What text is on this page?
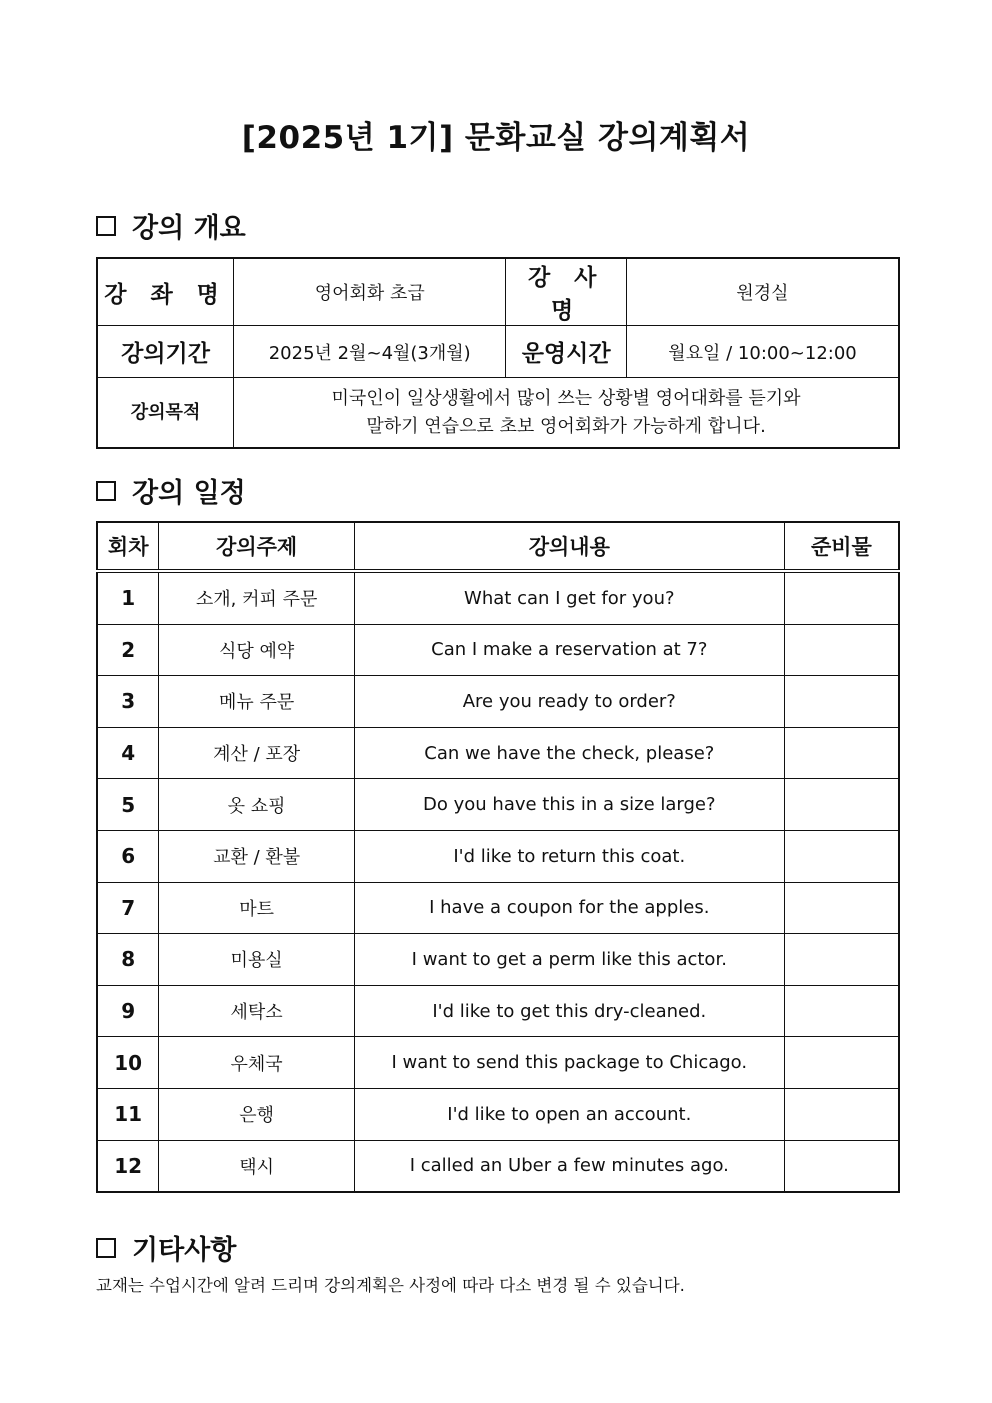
[2025년 1기] 문화교실 강의계획서
강의 개요
강 좌 명	영어회화 초급	강 사 명	원경실
강의기간	2025년 2월~4월(3개월)	운영시간	월요일 / 10:00~12:00
강의목적	미국인이 일상생활에서 많이 쓰는 상황별 영어대화를 듣기와
말하기 연습으로 초보 영어회화가 가능하게 합니다.		
강의 일정
회차	강의주제	강의내용	준비물
1	소개, 커피 주문	What can I get for you?	
2	식당 예약	Can I make a reservation at 7?	
3	메뉴 주문	Are you ready to order?	
4	계산 / 포장	Can we have the check, please?	
5	옷 쇼핑	Do you have this in a size large?	
6	교환 / 환불	I'd like to return this coat.	
7	마트	I have a coupon for the apples.	
8	미용실	I want to get a perm like this actor.	
9	세탁소	I'd like to get this dry-cleaned.	
10	우체국	I want to send this package to Chicago.	
11	은행	I'd like to open an account.	
12	택시	I called an Uber a few minutes ago.	
기타사항
교재는 수업시간에 알려 드리며 강의계획은 사정에 따라 다소 변경 될 수 있습니다.
